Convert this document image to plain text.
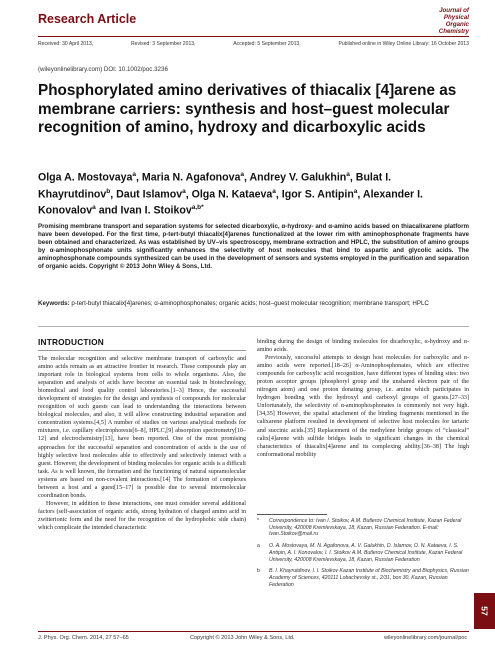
Research Article
Journal of Physical
Organic Chemistry
Received: 30 April 2013,	Revised: 3 September 2013,	Accepted: 5 September 2013,	Published online in Wiley Online Library: 16 October 2013
(wileyonlinelibrary.com) DOI: 10.1002/poc.3236
Phosphorylated amino derivatives of thiacalix [4]arene as membrane carriers: synthesis and host–guest molecular recognition of amino, hydroxy and dicarboxylic acids
Olga A. Mostovaya$^a$, Maria N. Agafonova$^a$, Andrey V. Galukhin$^a$, Bulat I. Khayrutdinov$^b$, Daut Islamov$^a$, Olga N. Kataeva$^a$, Igor S. Antipin$^a$, Alexander I. Konovalov$^a$ and Ivan I. Stoikov$^{a,b*}$
Promising membrane transport and separation systems for selected dicarboxylic, α-hydroxy- and α-amino acids based on thiacalixarene platform have been developed. For the first time, p-tert-butyl thiacalix[4]arenes functionalized at the lower rim with aminophosphonate fragments have been obtained and characterized. As was established by UV–vis spectroscopy, membrane extraction and HPLC, the substitution of amino groups by α-aminophosphonate units significantly enhances the selectivity of host molecules that bind to aspartic and glycolic acids. The aminophosphonate compounds synthesized can be used in the development of sensors and systems employed in the purification and separation of organic acids. Copyright © 2013 John Wiley & Sons, Ltd.
Keywords: p-tert-butyl thiacalix[4]arenes; α-aminophosphonates; organic acids; host–guest molecular recognition; membrane transport; HPLC
INTRODUCTION

The molecular recognition and selective membrane transport of carboxylic and amino acids remain as an attractive frontier in research. These compounds play an important role in biological systems from cells to whole organisms. Also, the separation and analysis of acids have become an essential task in biotechnology, biomedical and food quality control laboratories.[1–3] Hence, the successful development of strategies for the design and synthesis of compounds for molecular recognition of such guests can lead to understanding the interactions between biological molecules, and also, it will allow constructing industrial separation and concentration systems.[4,5] A number of studies on various analytical methods for mixtures, i.e. capillary electrophoresis[6–8], HPLC,[9] absorption spectrometry[10–12] and electrochemistry[13], have been reported. One of the most promising approaches for the successful separation and concentration of acids is the use of highly selective host molecules able to effectively and selectively interact with a guest. However, the development of binding molecules for organic acids is a difficult task. As is well known, the formation and the functioning of natural supramolecular systems are based on non-covalent interactions.[14] The formation of complexes between a host and a guest[15–17] is possible due to several intermolecular coordination bonds.

However, in addition to these interactions, one must consider several additional factors (self-association of organic acids, strong hydration of charged amino acid in zwitterionic form and the need for the recognition of the hydrophobic side chain) which complicate the intended characteristic

binding during the design of binding molecules for dicarboxylic, α-hydroxy and α-amino acids.

Previously, successful attempts to design host molecules for carboxylic and α-amino acids were reported.[18–26] α-Aminophosphonates, which are effective compounds for carboxylic acid recognition, have different types of binding sites: two proton acceptor groups (phosphoryl group and the unshared electron pair of the nitrogen atom) and one proton donating group, i.e. amine which participates in hydrogen bonding with the hydroxyl and carboxyl groups of guests.[27–33] Unfortunately, the selectivity of α-aminophosphonates is commonly not very high.[34,35] However, the spatial attachment of the binding fragments mentioned in the calixarene platform resulted in development of selective host molecules for tartaric and succinic acids.[35] Replacement of the methylene bridge groups of “classical” calix[4]arene with sulfide bridges leads to significant changes in the chemical characteristics of thiacalix[4]arene and its complexing ability.[36–38] The high conformational mobility

*	Correspondence to: Ivan I. Stoikov, A.M. Butlerov Chemical Institute, Kazan Federal University, 420008 Kremlevskaya, 18, Kazan, Russian Federation. E-mail: Ivan.Stoikov@mail.ru
a	O. A. Mostovaya, M. N. Agafonova, A. V. Galukhin, D. Islamov, O. N. Kataeva, I. S. Antipin, A. I. Konovalov, I. I. Stoikov A.M. Butlerov Chemical Institute, Kazan Federal University, 420008 Kremlevskaya, 18, Kazan, Russian Federation
b	B. I. Khayrutdinov, I. I. Stoikov Kazan Institute of Biochemistry and Biophysics, Russian Academy of Sciences, 420111 Lobachevsky st., 2/31, box 30, Kazan, Russian Federation
57
J. Phys. Org. Chem. 2014, 27 57–65	Copyright © 2013 John Wiley & Sons, Ltd.	wileyonlinelibrary.com/journal/poc
